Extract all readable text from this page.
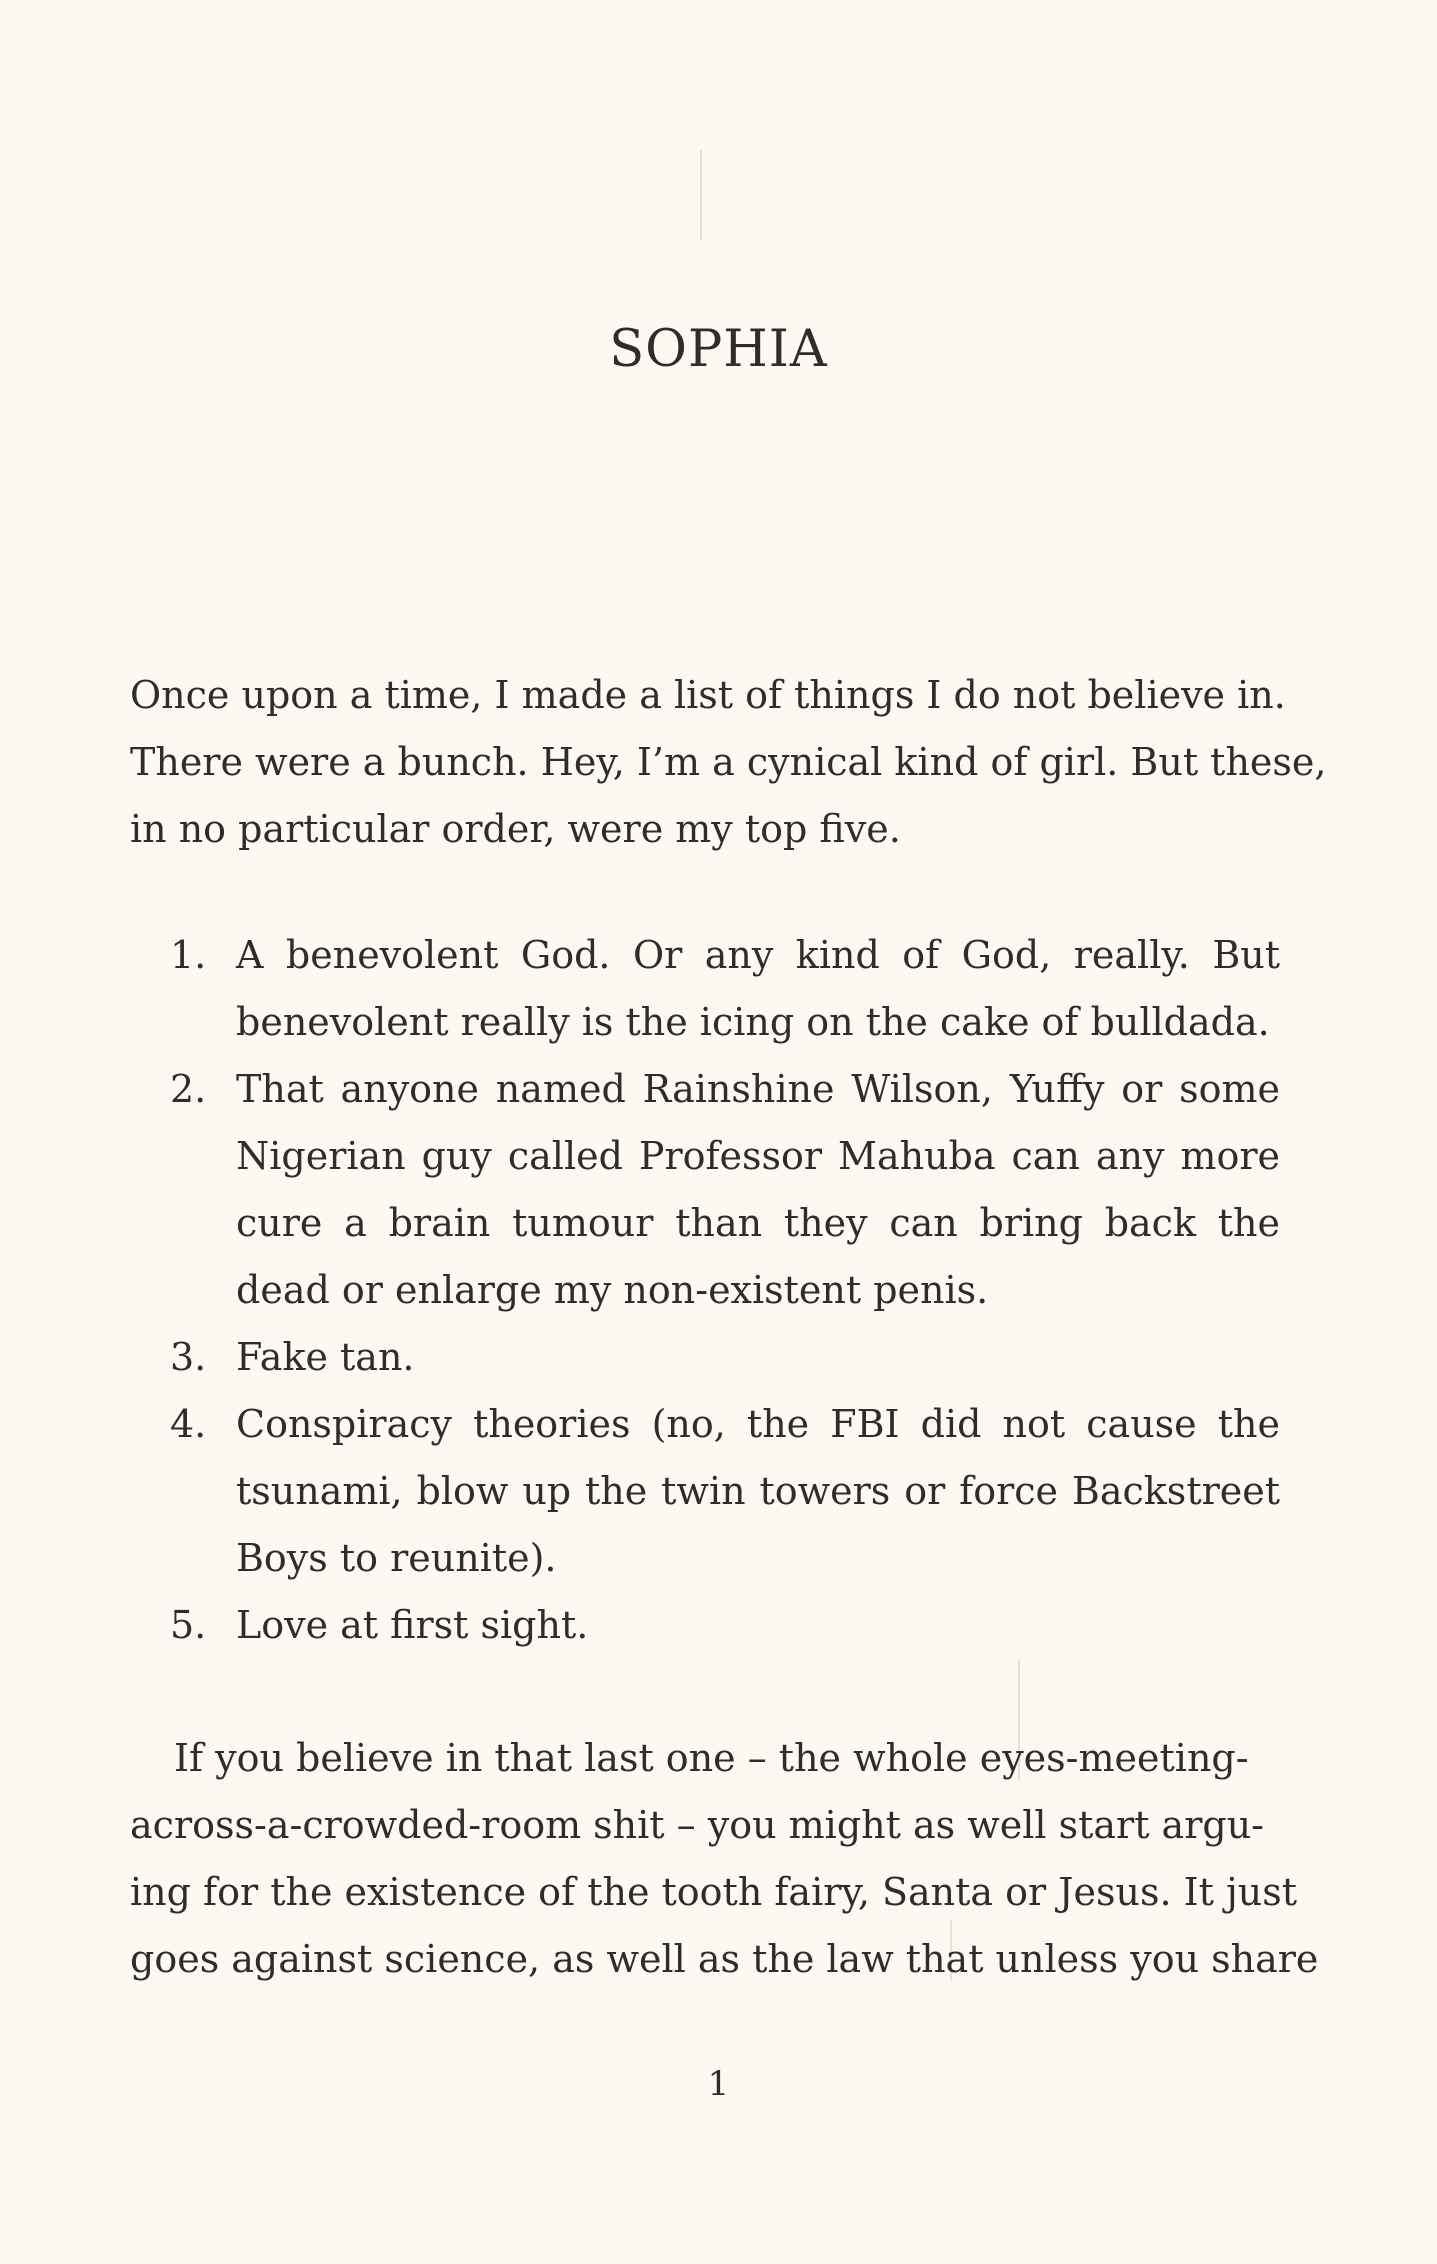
SOPHIA

Once upon a time, I made a list of things I do not believe in.
There were a bunch. Hey, I’m a cynical kind of girl. But these,
in no particular order, were my top five.

1. A benevolent God. Or any kind of God, really. But benevolent really is the icing on the cake of bulldada.
2. That anyone named Rainshine Wilson, Yuffy or some Nigerian guy called Professor Mahuba can any more cure a brain tumour than they can bring back the dead or enlarge my non-existent penis.
3. Fake tan.
4. Conspiracy theories (no, the FBI did not cause the tsunami, blow up the twin towers or force Backstreet Boys to reunite).
5. Love at first sight.

If you believe in that last one – the whole eyes-meeting-
across-a-crowded-room shit – you might as well start argu-
ing for the existence of the tooth fairy, Santa or Jesus. It just
goes against science, as well as the law that unless you share

1
